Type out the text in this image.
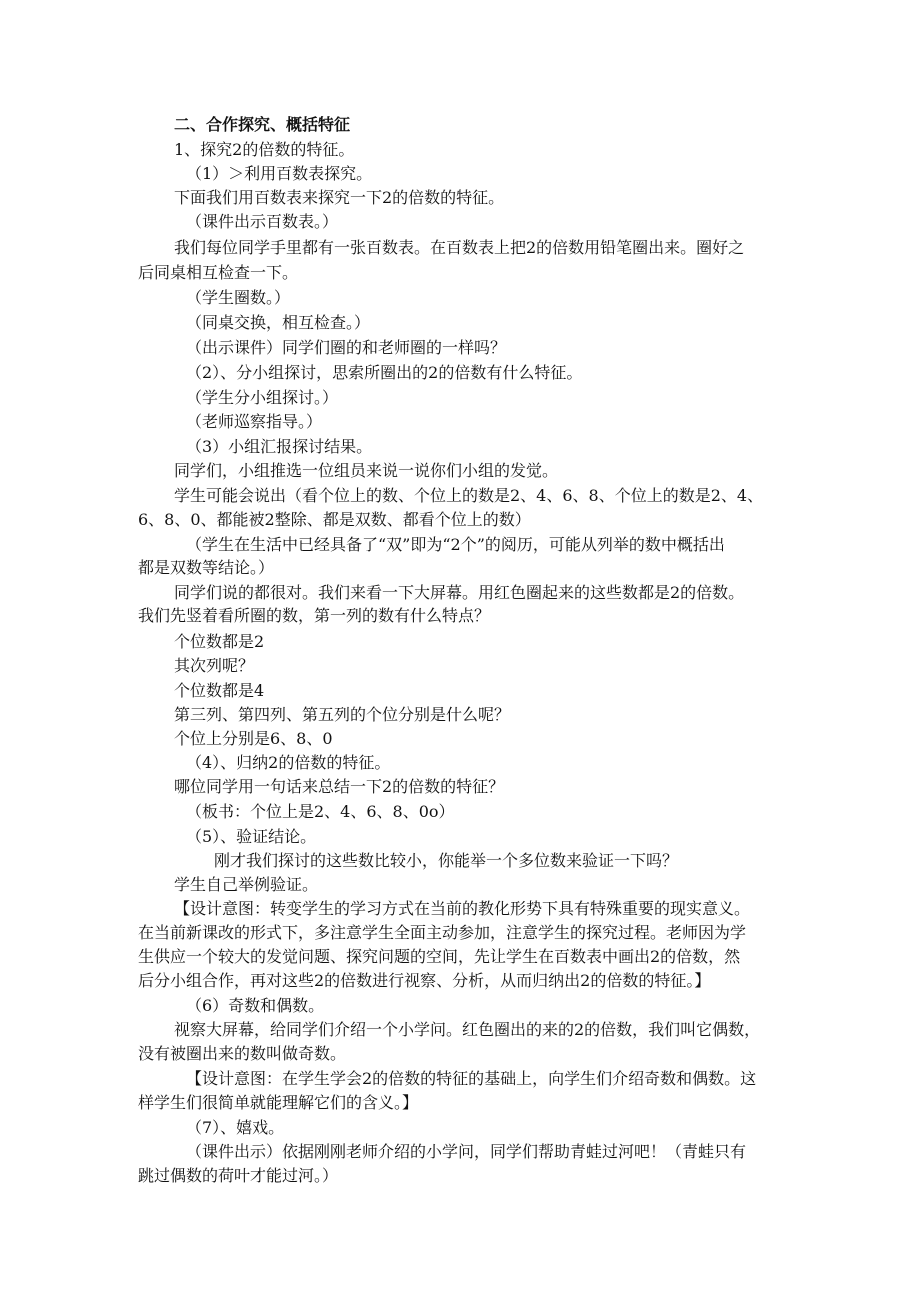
二、合作探究、概括特征
1、探究2的倍数的特征。
（1）＞利用百数表探究。
下面我们用百数表来探究一下2的倍数的特征。
（课件出示百数表。）
我们每位同学手里都有一张百数表。在百数表上把2的倍数用铅笔圈出来。圈好之
后同桌相互检查一下。
（学生圈数。）
（同桌交换，相互检查。）
（出示课件）同学们圈的和老师圈的一样吗？
（2）、分小组探讨，思索所圈出的2的倍数有什么特征。
（学生分小组探讨。）
（老师巡察指导。）
（3）小组汇报探讨结果。
同学们，小组推选一位组员来说一说你们小组的发觉。
学生可能会说出（看个位上的数、个位上的数是2、4、6、8、个位上的数是2、4、
6、8、0、都能被2整除、都是双数、都看个位上的数）
（学生在生活中已经具备了“双”即为“2个”的阅历，可能从列举的数中概括出
都是双数等结论。）
同学们说的都很对。我们来看一下大屏幕。用红色圈起来的这些数都是2的倍数。
我们先竖着看所圈的数，第一列的数有什么特点？
个位数都是2
其次列呢？
个位数都是4
第三列、第四列、第五列的个位分别是什么呢？
个位上分别是6、8、0
（4）、归纳2的倍数的特征。
哪位同学用一句话来总结一下2的倍数的特征？
（板书：个位上是2、4、6、8、0o）
（5）、验证结论。
刚才我们探讨的这些数比较小，你能举一个多位数来验证一下吗？
学生自己举例验证。
【设计意图：转变学生的学习方式在当前的教化形势下具有特殊重要的现实意义。
在当前新课改的形式下，多注意学生全面主动参加，注意学生的探究过程。老师因为学
生供应一个较大的发觉问题、探究问题的空间，先让学生在百数表中画出2的倍数，然
后分小组合作，再对这些2的倍数进行视察、分析，从而归纳出2的倍数的特征。】
（6）奇数和偶数。
视察大屏幕，给同学们介绍一个小学问。红色圈出的来的2的倍数，我们叫它偶数，
没有被圈出来的数叫做奇数。
【设计意图：在学生学会2的倍数的特征的基础上，向学生们介绍奇数和偶数。这
样学生们很简单就能理解它们的含义。】
（7）、嬉戏。
（课件出示）依据刚刚老师介绍的小学问，同学们帮助青蛙过河吧！（青蛙只有
跳过偶数的荷叶才能过河。）
